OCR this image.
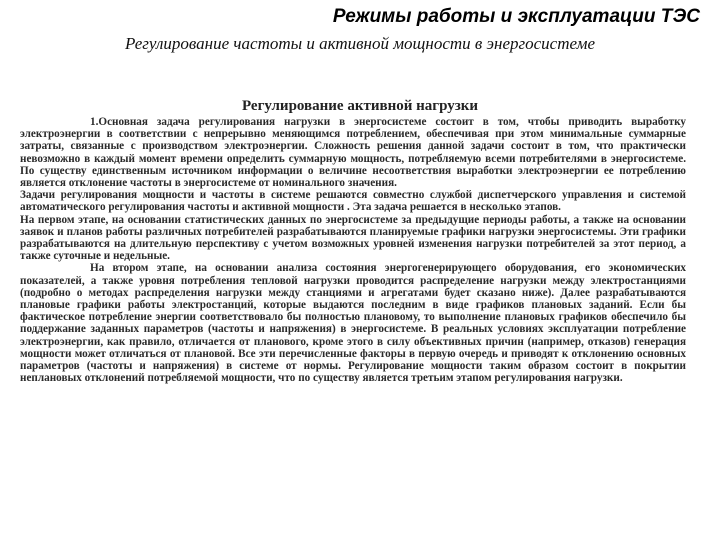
Режимы работы и эксплуатации ТЭС
Регулирование частоты и активной мощности в энергосистеме
Регулирование активной нагрузки

1.Основная задача регулирования нагрузки в энергосистеме состоит в том, чтобы приводить выработку электроэнергии в соответствии с непрерывно меняющимся потреблением, обеспечивая при этом минимальные суммарные затраты, связанные с производством электроэнергии. Сложность решения данной задачи состоит в том, что практически невозможно в каждый момент времени определить суммарную мощность, потребляемую всеми потребителями в энергосистеме. По существу единственным источником информации о величине несоответствия выработки электроэнергии ее потреблению является отклонение частоты в энергосистеме от номинального значения.

Задачи регулирования мощности и частоты в системе решаются совместно службой диспетчерского управления и системой автоматического регулирования частоты и активной мощности . Эта задача решается в несколько этапов.

На первом этапе, на основании статистических данных по энергосистеме за предыдущие периоды работы, а также на основании заявок и планов работы различных потребителей разрабатываются планируемые графики нагрузки энергосистемы. Эти графики разрабатываются на длительную перспективу с учетом возможных уровней изменения нагрузки потребителей за этот период, а также суточные и недельные.

На втором этапе, на основании анализа состояния энергогенерирующего оборудования, его экономических показателей, а также уровня потребления тепловой нагрузки проводится распределение нагрузки между электростанциями (подробно о методах распределения нагрузки между станциями и агрегатами будет сказано ниже). Далее разрабатываются плановые графики работы электростанций, которые выдаются последним в виде графиков плановых заданий. Если бы фактическое потребление энергии соответствовало бы полностью плановому, то выполнение плановых графиков обеспечило бы поддержание заданных параметров (частоты и напряжения) в энергосистеме. В реальных условиях эксплуатации потребление электроэнергии, как правило, отличается от планового, кроме этого в силу объективных причин (например, отказов) генерация мощности может отличаться от плановой. Все эти перечисленные факторы в первую очередь и приводят к отклонению основных параметров (частоты и напряжения) в системе от нормы. Регулирование мощности таким образом состоит в покрытии неплановых отклонений потребляемой мощности, что по существу является третьим этапом регулирования нагрузки.
